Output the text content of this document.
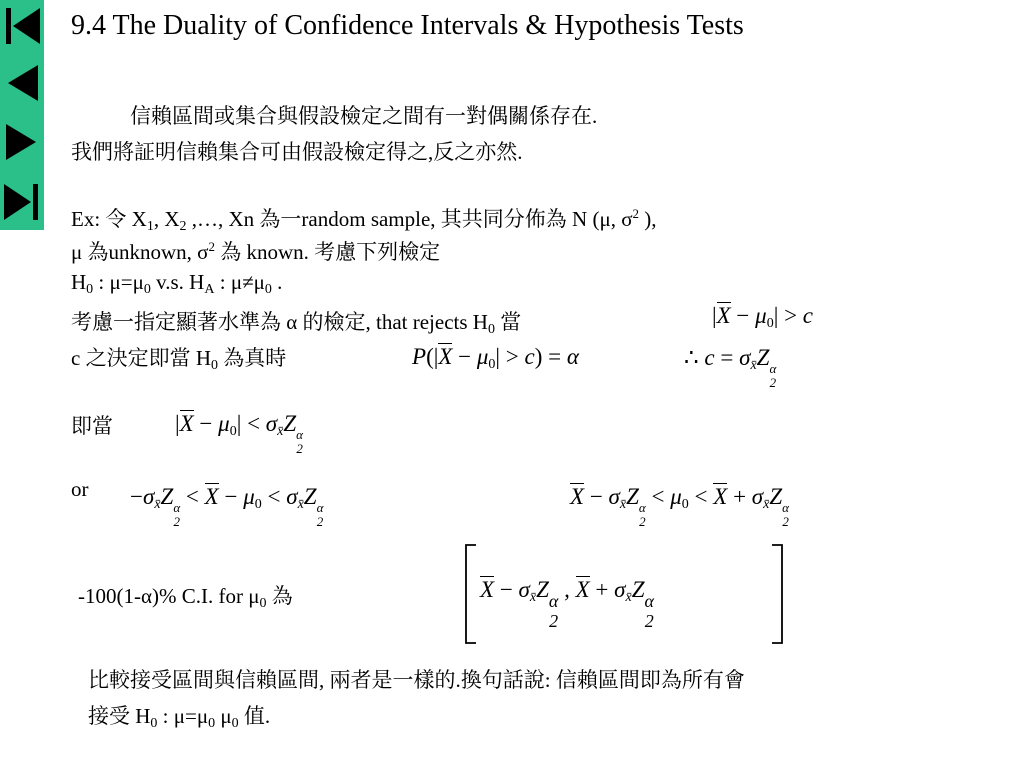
9.4 The Duality of Confidence Intervals & Hypothesis Tests
信賴區間或集合與假設檢定之間有一對偶關係存在.
我們將証明信賴集合可由假設檢定得之,反之亦然.
Ex: 令 $X_1$, $X_2$ ,…, Xn 為一random sample, 其共同分佈為 N (μ, $\sigma^2$ ),
μ 為unknown, $\sigma^2$ 為 known. 考慮下列檢定
$H_0$ : $\mu=\mu_0$ v.s. $H_A$ : $\mu\ne\mu_0$ .
考慮一指定顯著水準為 α 的檢定, that rejects $H_0$ 當
c 之決定即當 $H_0$ 為真時
$|X - \mu_0| > c$
$P(|X - \mu_0| > c) = \alpha$	∴ $c = \sigma_{x̄}Z$ α
2
即當	$|X - \mu_0| < \sigma_{x̄}Z$ α
2
or $-\sigma_{x̄}Z$ α
2
< $X - \mu_0 < \sigma_{x̄}Z$ α
2
$X - \sigma_{x̄}Z$ α
2
< $\mu_0 < X + \sigma_{x̄}Z$ α
2
-100(1-α)% C.I. for $\mu_0$ 為	$X - \sigma_{x̄}Z$ α
2
, $X + \sigma_{x̄}Z$ α
2
比較接受區間與信賴區間, 兩者是一樣的.換句話說: 信賴區間即為所有會
接受 $H_0$ : $\mu=\mu_0$ $\mu_0$ 值.
